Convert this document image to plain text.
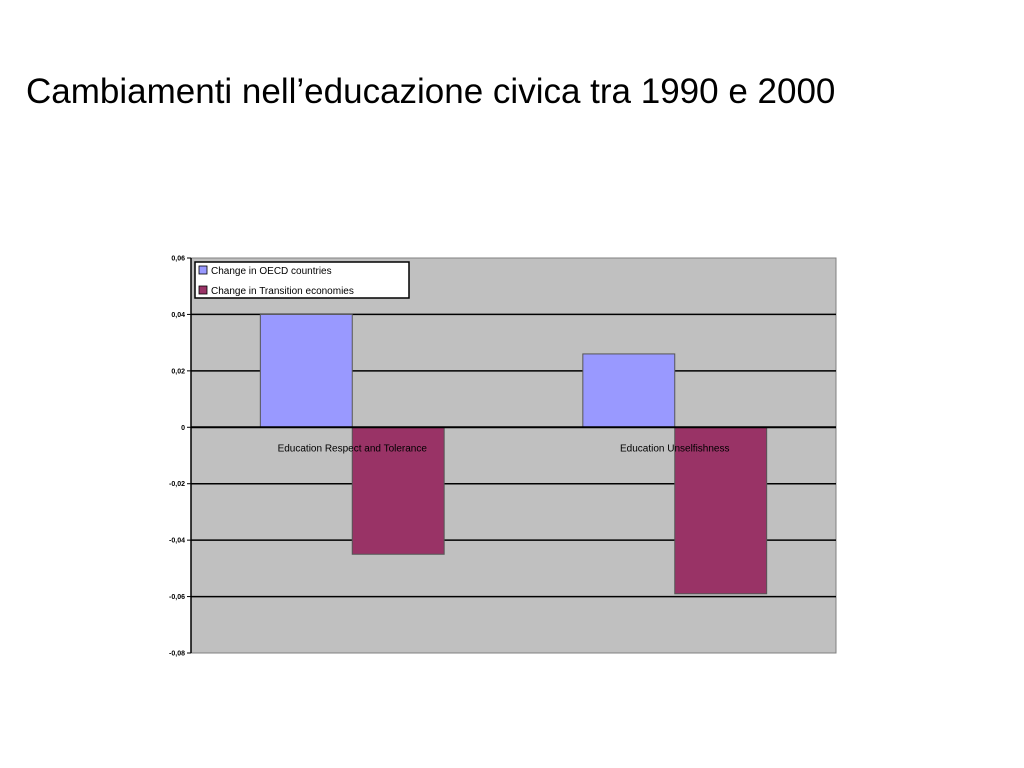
Cambiamenti nell’educazione civica tra 1990 e 2000
0,06
0,04
0,02
0
-0,02
-0,04
-0,06
-0,08
Education Respect and Tolerance	Education Unselfishness
Change in OECD countries
Change in Transition economies
